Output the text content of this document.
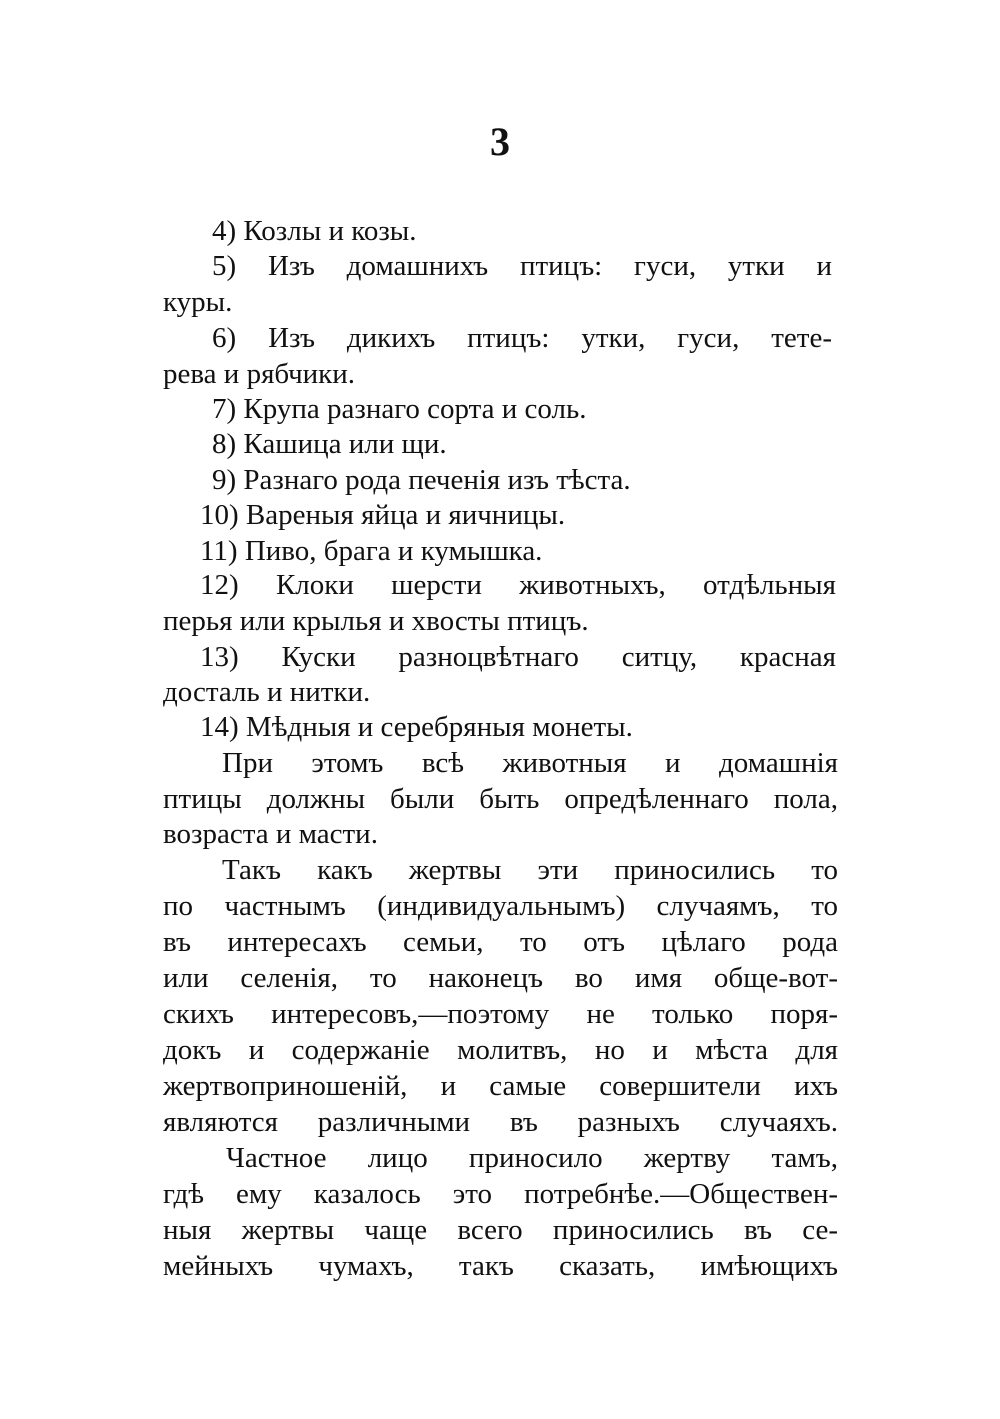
3
4) Козлы и козы.
5) Изъ домашнихъ птицъ: гуси, утки и
куры.
6) Изъ дикихъ птицъ: утки, гуси, тете-
рева и рябчики.
7) Крупа разнаго сорта и соль.
8) Кашица или щи.
9) Разнаго рода печенія изъ тѣста.
10) Вареныя яйца и яичницы.
11) Пиво, брага и кумышка.
12) Клоки шерсти животныхъ, отдѣльныя
перья или крылья и хвосты птицъ.
13) Куски разноцвѣтнаго ситцу, красная
досталь и нитки.
14) Мѣдныя и серебряныя монеты.
При этомъ всѣ животныя и домашнія
птицы должны были быть опредѣленнаго пола,
возраста и масти.
Такъ какъ жертвы эти приносились то
по частнымъ (индивидуальнымъ) случаямъ, то
въ интересахъ семьи, то отъ цѣлаго рода
или селенія, то наконецъ во имя обще-вот-
скихъ интересовъ,—поэтому не только поря-
докъ и содержаніе молитвъ, но и мѣста для
жертвоприношеній, и самые совершители ихъ
являются различными въ разныхъ случаяхъ.
Частное лицо приносило жертву тамъ,
гдѣ ему казалось это потребнѣе.—Обществен-
ныя жертвы чаще всего приносились въ се-
мейныхъ чумахъ, такъ сказать, имѣющихъ
